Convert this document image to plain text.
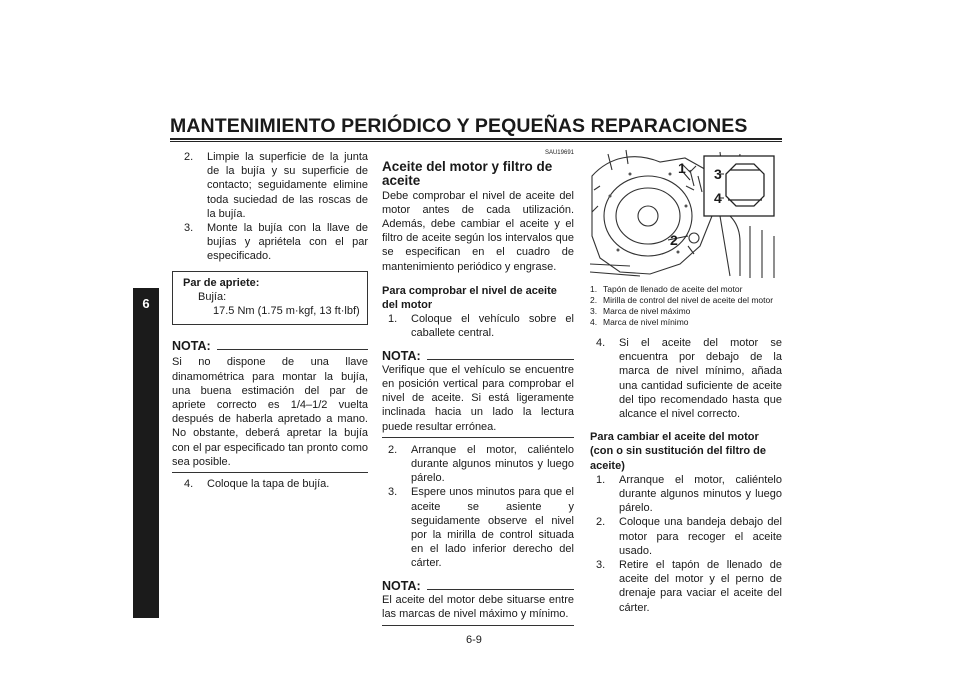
MANTENIMIENTO PERIÓDICO Y PEQUEÑAS REPARACIONES
6
2. Limpie la superficie de la junta de la bujía y su superficie de contacto; seguidamente elimine toda suciedad de las roscas de la bujía.
3. Monte la bujía con la llave de bujías y apriétela con el par especificado.
Par de apriete:
Bujía:
17.5 Nm (1.75 m·kgf, 13 ft·lbf)
NOTA:

Si no dispone de una llave dinamométrica para montar la bujía, una buena estimación del par de apriete correcto es 1/4–1/2 vuelta después de haberla apretado a mano. No obstante, deberá apretar la bujía con el par especificado tan pronto como sea posible.

4. Coloque la tapa de bujía.
SAU19691
Aceite del motor y filtro de aceite

Debe comprobar el nivel de aceite del motor antes de cada utilización. Además, debe cambiar el aceite y el filtro de aceite según los intervalos que se especifican en el cuadro de mantenimiento periódico y engrase.

Para comprobar el nivel de aceite del motor
1. Coloque el vehículo sobre el caballete central.
NOTA:

Verifique que el vehículo se encuentre en posición vertical para comprobar el nivel de aceite. Si está ligeramente inclinada hacia un lado la lectura puede resultar errónea.

2. Arranque el motor, caliéntelo durante algunos minutos y luego párelo.
3. Espere unos minutos para que el aceite se asiente y seguidamente observe el nivel por la mirilla de control situada en el lado inferior derecho del cárter.
NOTA:

El aceite del motor debe situarse entre las marcas de nivel máximo y mínimo.

1
2
3
4
1. Tapón de llenado de aceite del motor
2. Mirilla de control del nivel de aceite del motor
3. Marca de nivel máximo
4. Marca de nivel mínimo
4. Si el aceite del motor se encuentra por debajo de la marca de nivel mínimo, añada una cantidad suficiente de aceite del tipo recomendado hasta que alcance el nivel correcto.
Para cambiar el aceite del motor (con o sin sustitución del filtro de aceite)
1. Arranque el motor, caliéntelo durante algunos minutos y luego párelo.
2. Coloque una bandeja debajo del motor para recoger el aceite usado.
3. Retire el tapón de llenado de aceite del motor y el perno de drenaje para vaciar el aceite del cárter.
6-9
